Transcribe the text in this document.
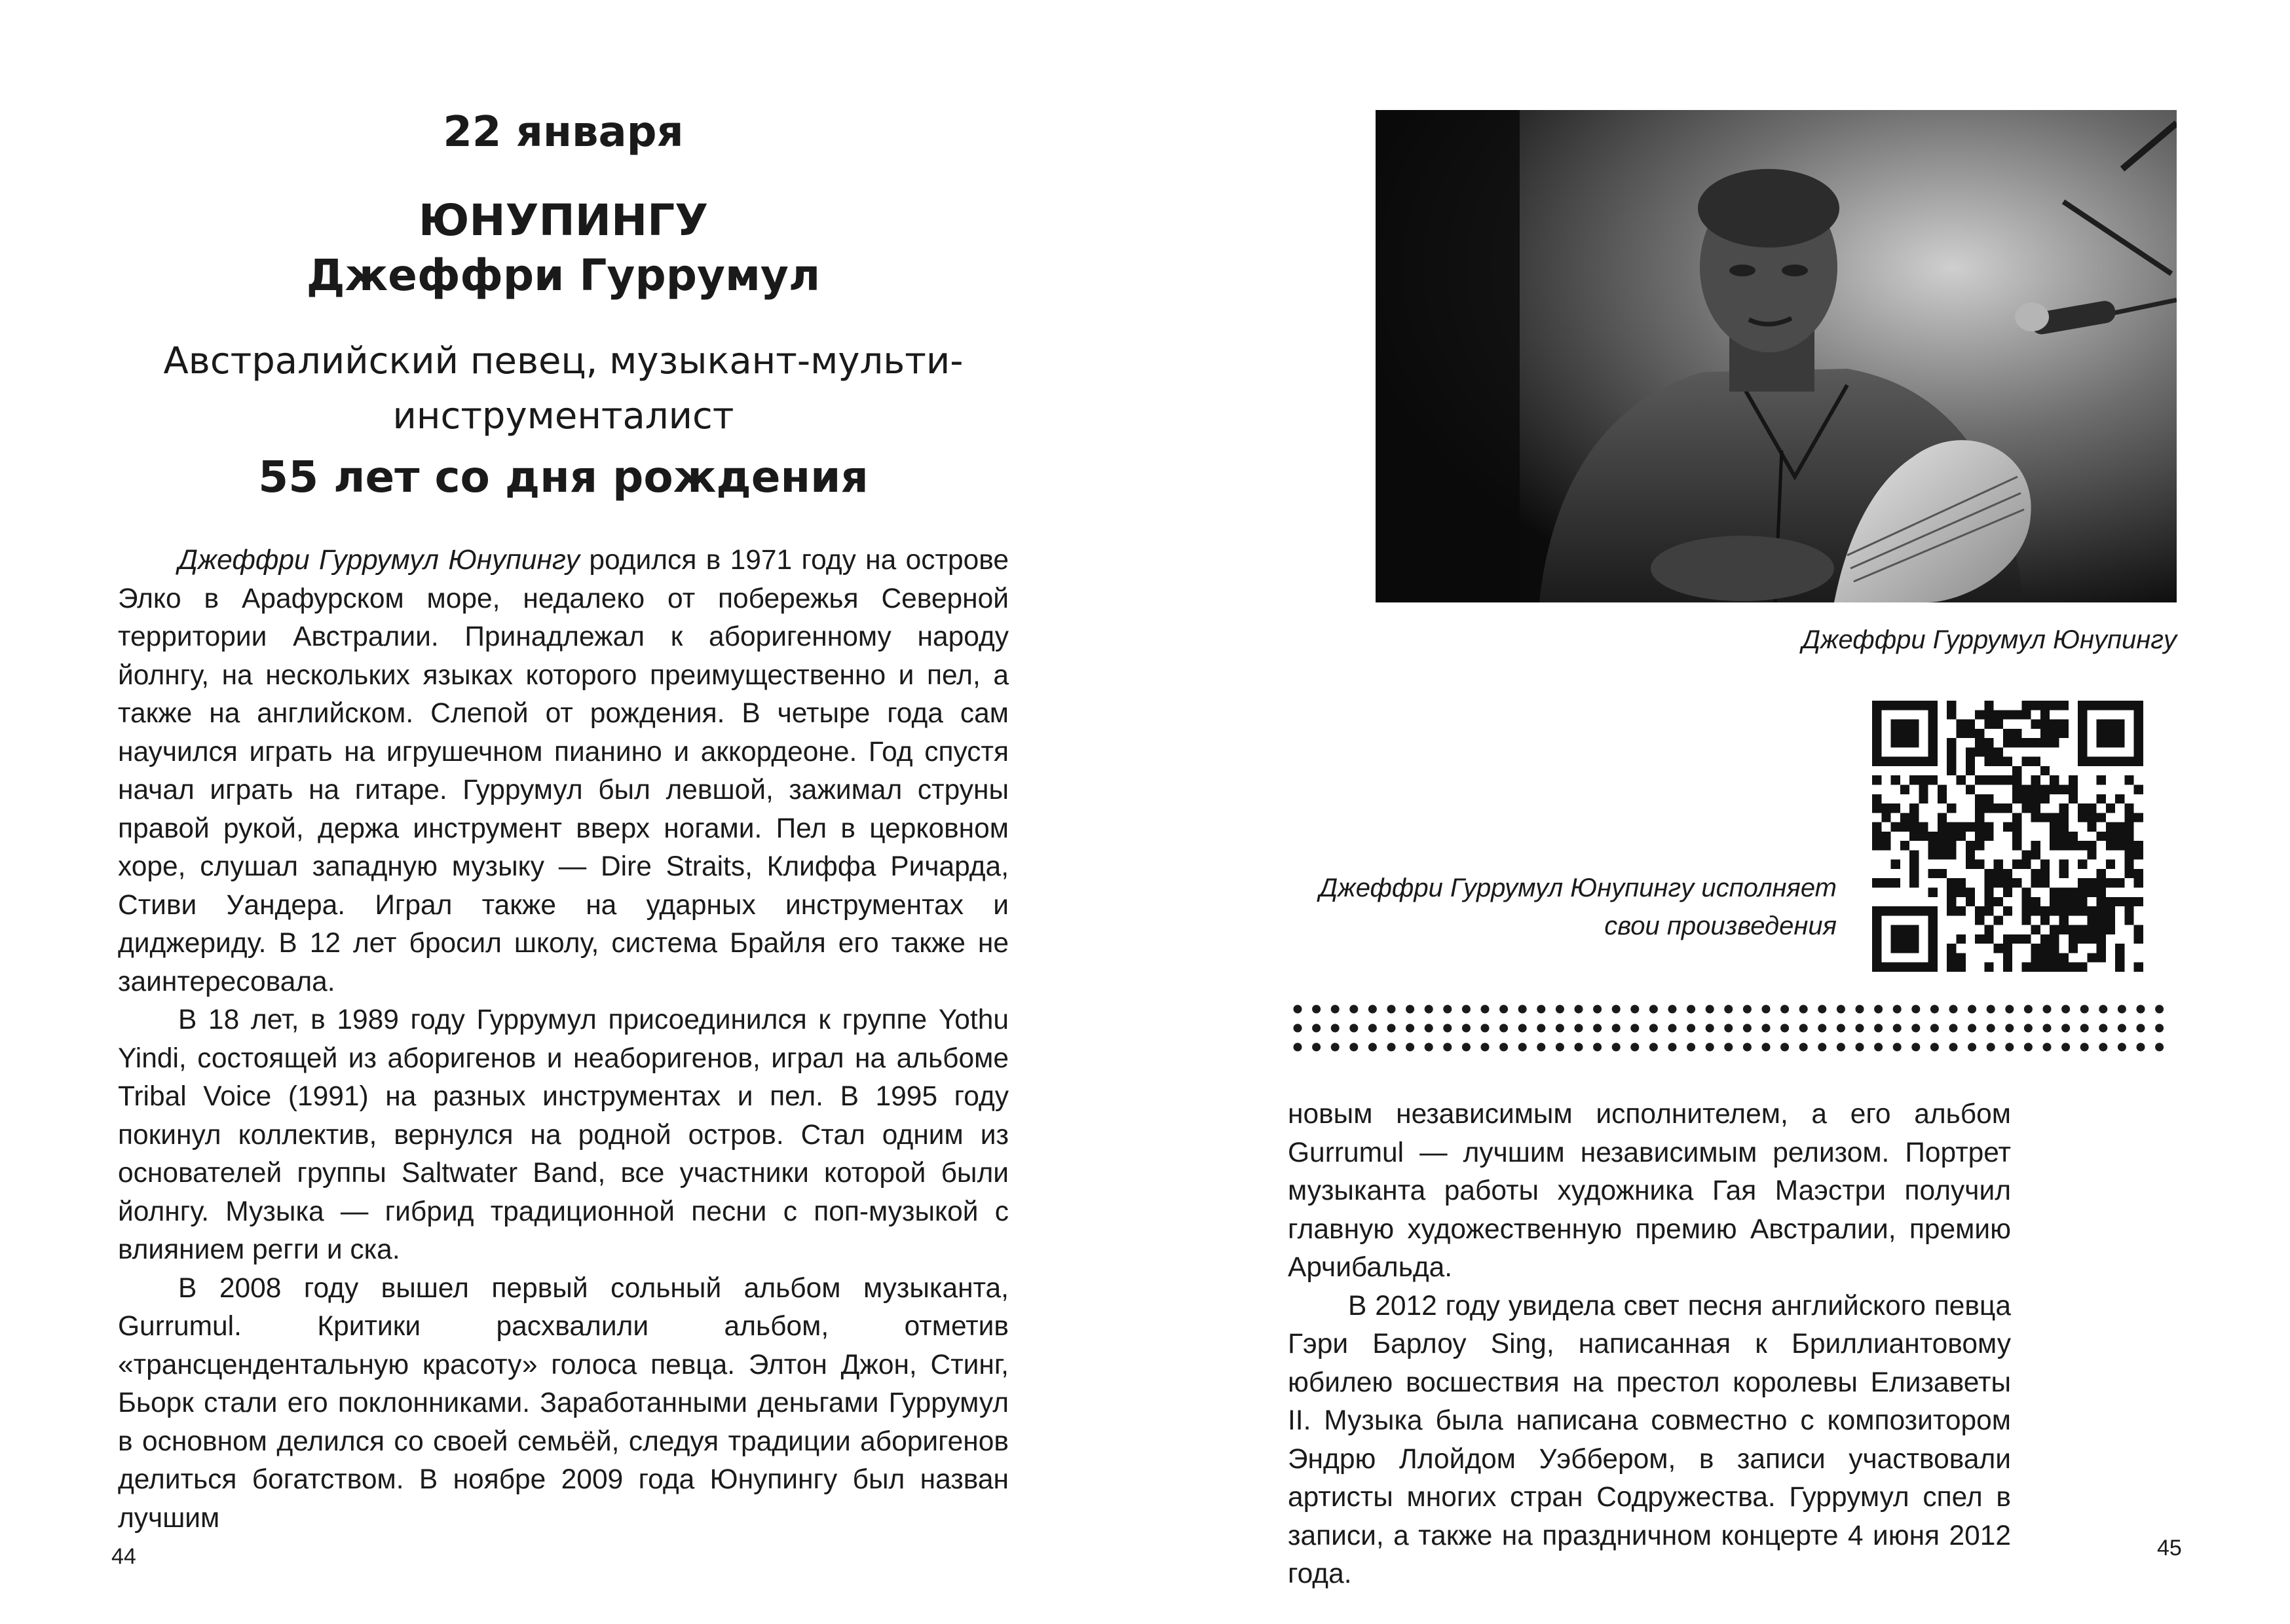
22 января
ЮНУПИНГУ
Джеффри Гуррумул
Австралийский певец, музыкант-мульти-
инструменталист
55 лет со дня рождения

Джеффри Гуррумул Юнупингу родился в 1971 году на острове Элко в Арафурском море, недалеко от побережья Северной территории Австралии. Принадлежал к аборигенному народу йолнгу, на нескольких языках которого преимущественно и пел, а также на английском. Слепой от рождения. В четыре года сам научился играть на игрушечном пианино и аккордеоне. Год спустя начал играть на гитаре. Гуррумул был левшой, зажимал струны правой рукой, держа инструмент вверх ногами. Пел в церковном хоре, слушал западную музыку — Dire Straits, Клиффа Ричарда, Стиви Уандера. Играл также на ударных инструментах и диджериду. В 12 лет бросил школу, система Брайля его также не заинтересовала.

В 18 лет, в 1989 году Гуррумул присоединился к группе Yothu Yindi, состоящей из аборигенов и неаборигенов, играл на альбоме Tribal Voice (1991) на разных инструментах и пел. В 1995 году покинул коллектив, вернулся на родной остров. Стал одним из основателей группы Saltwater Band, все участники которой были йолнгу. Музыка — гибрид традиционной песни с поп-музыкой с влиянием регги и ска.

В 2008 году вышел первый сольный альбом музыканта, Gurrumul. Критики расхвалили альбом, отметив «трансцендентальную красоту» голоса певца. Элтон Джон, Стинг, Бьорк стали его поклонниками. Заработанными деньгами Гуррумул в основном делился со своей семьёй, следуя традиции аборигенов делиться богатством. В ноябре 2009 года Юнупингу был назван лучшим

44

Джеффри Гуррумул Юнупингу

Джеффри Гуррумул Юнупингу исполняет свои произведения

новым независимым исполнителем, а его альбом Gurrumul — лучшим независимым релизом. Портрет музыканта работы художника Гая Маэстри получил главную художественную премию Австралии, премию Арчибальда.

В 2012 году увидела свет песня английского певца Гэри Барлоу Sing, написанная к Бриллиантовому юбилею восшествия на престол королевы Елизаветы II. Музыка была написана совместно с композитором Эндрю Ллойдом Уэббером, в записи участвовали артисты многих стран Содружества. Гуррумул спел в записи, а также на праздничном концерте 4 июня 2012 года.

45
